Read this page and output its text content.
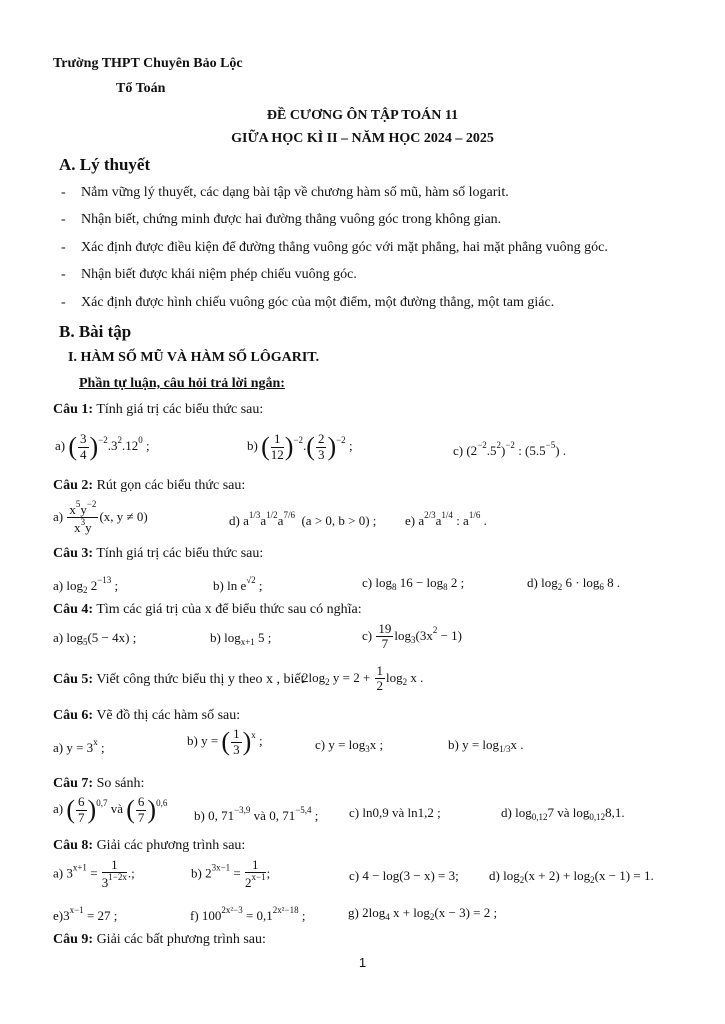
Trường THPT Chuyên Bảo Lộc
Tổ Toán
ĐỀ CƯƠNG ÔN TẬP TOÁN 11
GIỮA HỌC KÌ II – NĂM HỌC 2024 – 2025
A. Lý thuyết
- Nắm vững lý thuyết, các dạng bài tập về chương hàm số mũ, hàm số logarit.
- Nhận biết, chứng minh được hai đường thẳng vuông góc trong không gian.
- Xác định được điều kiện để đường thẳng vuông góc với mặt phẳng, hai mặt phẳng vuông góc.
- Nhận biết được khái niệm phép chiếu vuông góc.
- Xác định được hình chiếu vuông góc của một điểm, một đường thẳng, một tam giác.
B. Bài tập
I. HÀM SỐ MŨ VÀ HÀM SỐ LÔGARIT.
Phần tự luận, câu hỏi trả lời ngắn:
Câu 1: Tính giá trị các biểu thức sau:
a) ( $\frac{3}{4} )^{-2}.3^2.12^0$ ;	b) ( $\frac{1}{12} )^{-2}.( \frac{2}{3} )^{-2}$ ;	c) $(2^{-2}.5^2)^{-2}$ : $(5.5^{-5})$ .
Câu 2: Rút gọn các biểu thức sau:
$a) \frac{x^5y^{-2}}{x^3y} (x$, y ≠ 0)	d) $a^{1/3}a^{1/2}a^{7/6}$  (a > 0, b > 0) ; e) $a^{2/3}a^{1/4}$ : $a^{1/6}$ .
Câu 3: Tính giá trị các biểu thức sau:
a) $\log_2 2^{-13}$ ;	b) $\ln e^{√2}$ ;	c) $\log_8 16 - \log_8 2$ ;	d) $\log_2 6 \cdot \log_6 8$ .
Câu 4: Tìm các giá trị của x để biểu thức sau có nghĩa:
a) $\log_5(5 - 4x)$ ;	b) $\log_{x+1} 5$ ;	$c) \frac{19}{7} \log_3(3x^2 - 1)$
Câu 5: Viết công thức biểu thị y theo x , biết
$2\log_2$ $y = 2 + \frac{1}{2} \log_2 x$ .
Câu 6: Vẽ đồ thị các hàm số sau:
a) $y = 3^x$ ;	b) y = ( $\frac{1}{3} )^x$ ;	c) $y = \log_3x$ ;	b) $y = \log_{1/3}x$ .
Câu 7: So sánh:
a) ( $\frac{6}{7} )^{0,7}$ và ( $\frac{6}{7} )^{0,6}$
b) 0, $71^{-3,9}$ và 0, $71^{-5,4}$ ; c) ln0,9 và ln1,2 ;	d) $\log_{0,12}7$ và $\log_{0,12}8,1$.
Câu 8: Giải các phương trình sau:
a) $3^{x+1} = \frac{1}{3^{1-2x}}$ .;	b) $2^{3x-1} = \frac{1}{2^{x-1}}$ ;	c) 4 − log(3 − x) = 3; d) $\log_2(x + 2) + \log_2(x - 1) = 1$.
$e)3^{x-1} = 27$ ;	f) $100^{2x^2-3} = 0,1^{2x^2-18}$ ;	g) $2\log_4$ $x + \log_2(x - 3) = 2$ ;
Câu 9: Giải các bất phương trình sau:
1
